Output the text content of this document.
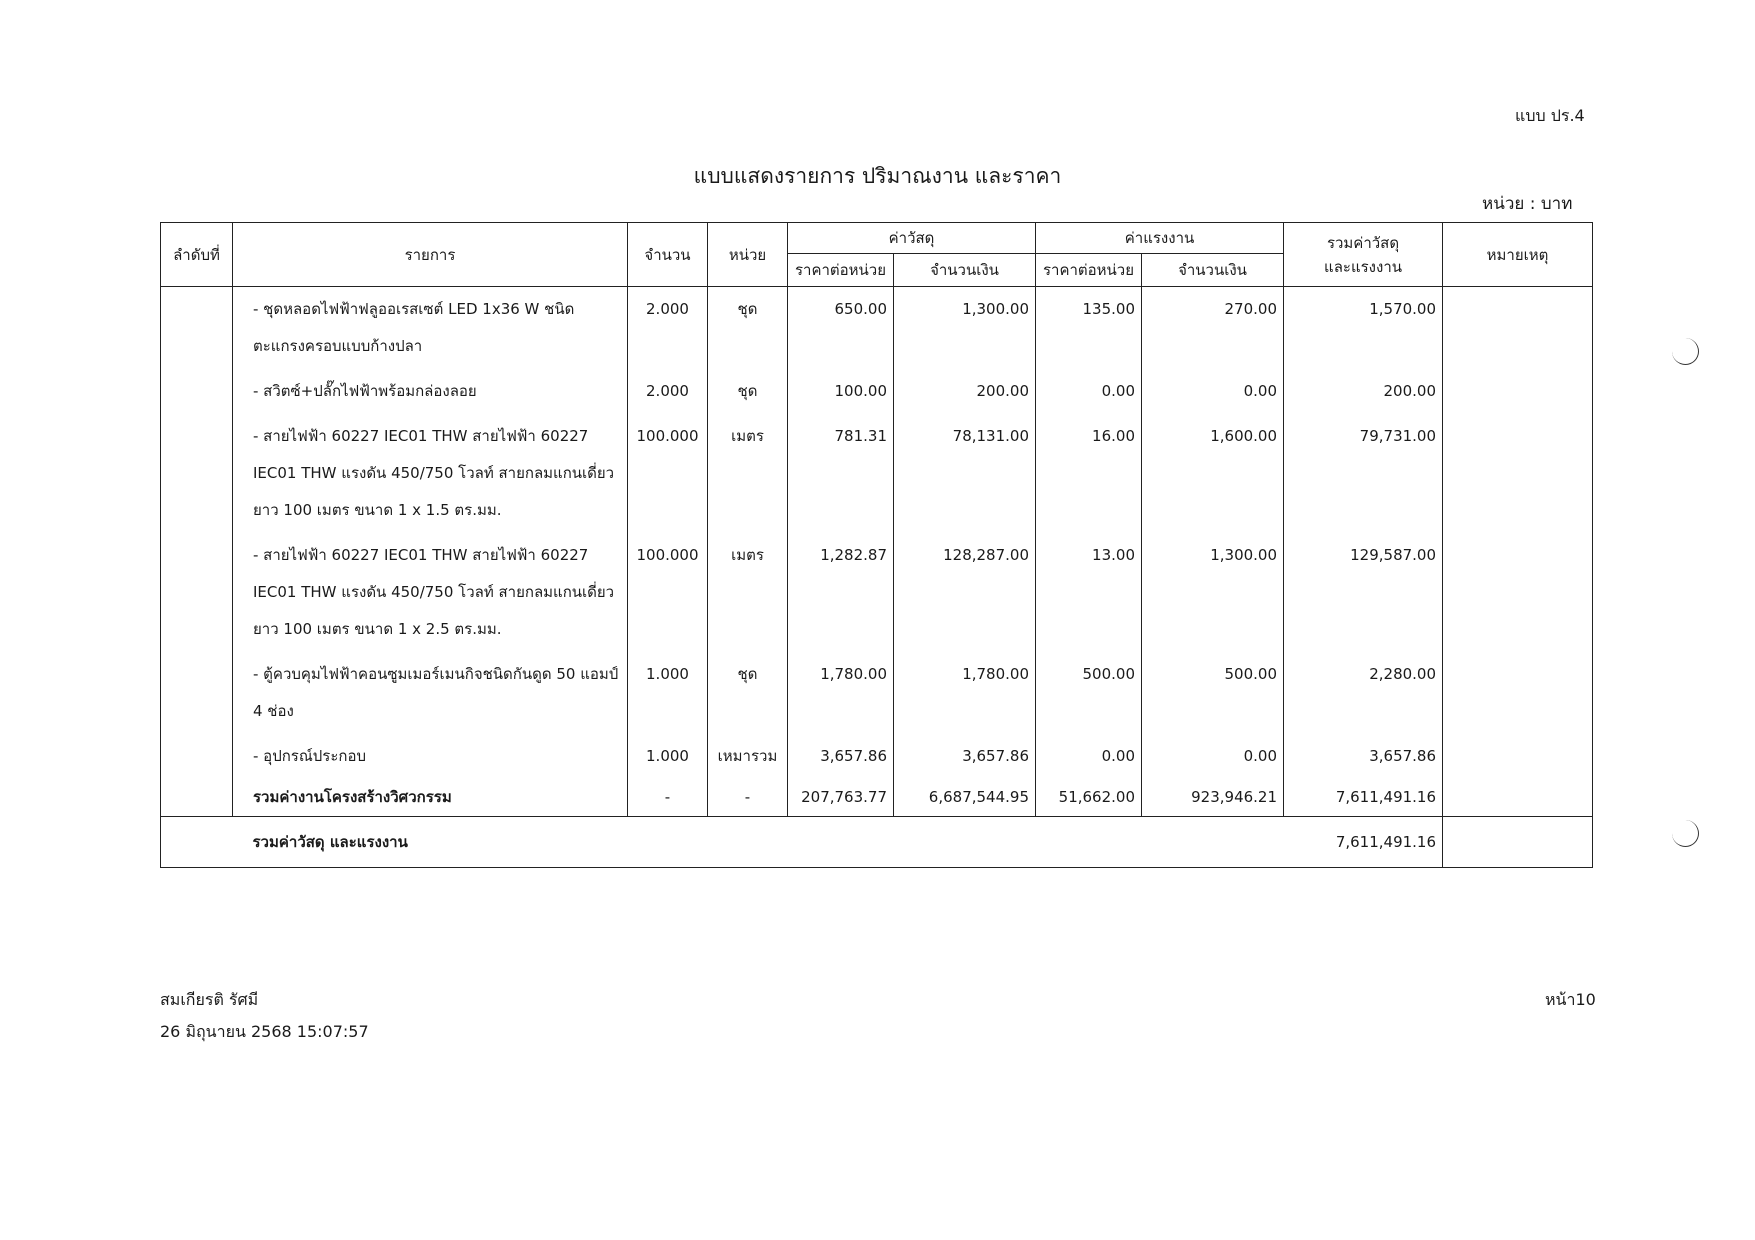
แบบ ปร.4
แบบแสดงรายการ ปริมาณงาน และราคา
หน่วย : บาท
ลำดับที่	รายการ	จำนวน	หน่วย	ค่าวัสดุ		ค่าแรงงาน		รวมค่าวัสดุ
และแรงงาน	หมายเหตุ
				ราคาต่อหน่วย	จำนวนเงิน	ราคาต่อหน่วย	จำนวนเงิน		
	- ชุดหลอดไฟฟ้าฟลูออเรสเซต์ LED 1x36 W ชนิดตะแกรงครอบแบบก้างปลา	2.000	ชุด	650.00	1,300.00	135.00	270.00	1,570.00	
	- สวิตซ์+ปลั๊กไฟฟ้าพร้อมกล่องลอย	2.000	ชุด	100.00	200.00	0.00	0.00	200.00	
	- สายไฟฟ้า 60227 IEC01 THW สายไฟฟ้า 60227 IEC01 THW แรงดัน 450/750 โวลท์ สายกลมแกนเดี่ยว ยาว 100 เมตร ขนาด 1 x 1.5 ตร.มม.	100.000	เมตร	781.31	78,131.00	16.00	1,600.00	79,731.00	
	- สายไฟฟ้า 60227 IEC01 THW สายไฟฟ้า 60227 IEC01 THW แรงดัน 450/750 โวลท์ สายกลมแกนเดี่ยว ยาว 100 เมตร ขนาด 1 x 2.5 ตร.มม.	100.000	เมตร	1,282.87	128,287.00	13.00	1,300.00	129,587.00	
	- ตู้ควบคุมไฟฟ้าคอนซูมเมอร์เมนกิจชนิดกันดูด 50 แอมป์ 4 ช่อง	1.000	ชุด	1,780.00	1,780.00	500.00	500.00	2,280.00	
	- อุปกรณ์ประกอบ	1.000	เหมารวม	3,657.86	3,657.86	0.00	0.00	3,657.86	
	รวมค่างานโครงสร้างวิศวกรรม	-	-	207,763.77	6,687,544.95	51,662.00	923,946.21	7,611,491.16	
	รวมค่าวัสดุ และแรงงาน							7,611,491.16	
สมเกียรติ รัศมี
26 มิถุนายน 2568 15:07:57
หน้า10
